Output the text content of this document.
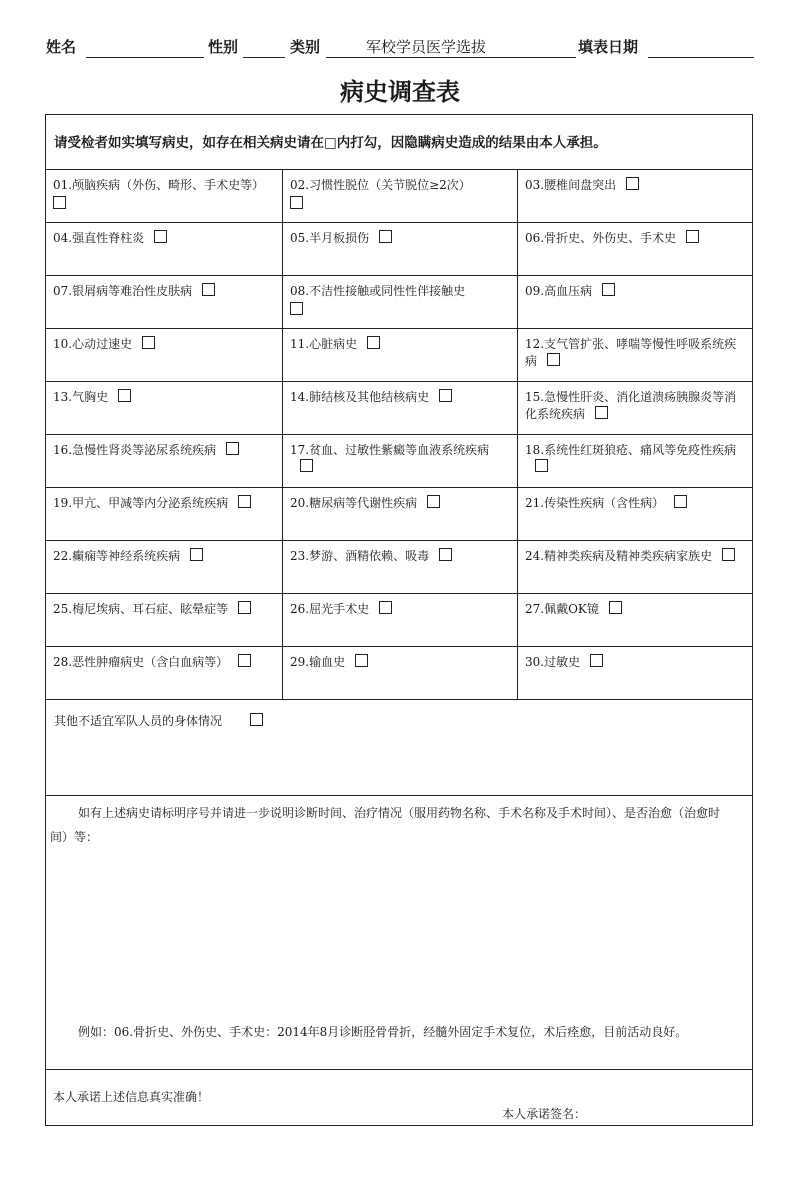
姓名	性别	类别	军校学员医学选拔	填表日期
病史调查表
请受检者如实填写病史，如存在相关病史请在□内打勾，因隐瞒病史造成的结果由本人承担。
01.颅脑疾病（外伤、畸形、手术史等）	02.习惯性脱位（关节脱位≥2次）	03.腰椎间盘突出
04.强直性脊柱炎	05.半月板损伤	06.骨折史、外伤史、手术史
07.银屑病等难治性皮肤病	08.不洁性接触或同性性伴接触史	09.高血压病
10.心动过速史	11.心脏病史	12.支气管扩张、哮喘等慢性呼吸系统疾病
13.气胸史	14.肺结核及其他结核病史	15.急慢性肝炎、消化道溃疡胰腺炎等消化系统疾病
16.急慢性肾炎等泌尿系统疾病	17.贫血、过敏性紫癜等血液系统疾病	18.系统性红斑狼疮、痛风等免疫性疾病
19.甲亢、甲减等内分泌系统疾病	20.糖尿病等代谢性疾病	21.传染性疾病（含性病）
22.癫痫等神经系统疾病	23.梦游、酒精依赖、吸毒	24.精神类疾病及精神类疾病家族史
25.梅尼埃病、耳石症、眩晕症等	26.屈光手术史	27.佩戴OK镜
28.恶性肿瘤病史（含白血病等）	29.输血史	30.过敏史
其他不适宜军队人员的身体情况
如有上述病史请标明序号并请进一步说明诊断时间、治疗情况（服用药物名称、手术名称及手术时间）、是否治愈（治愈时间）等：
例如：06.骨折史、外伤史、手术史：2014年8月诊断胫骨骨折，经髓外固定手术复位，术后痊愈，目前活动良好。
本人承诺上述信息真实准确！
本人承诺签名：
